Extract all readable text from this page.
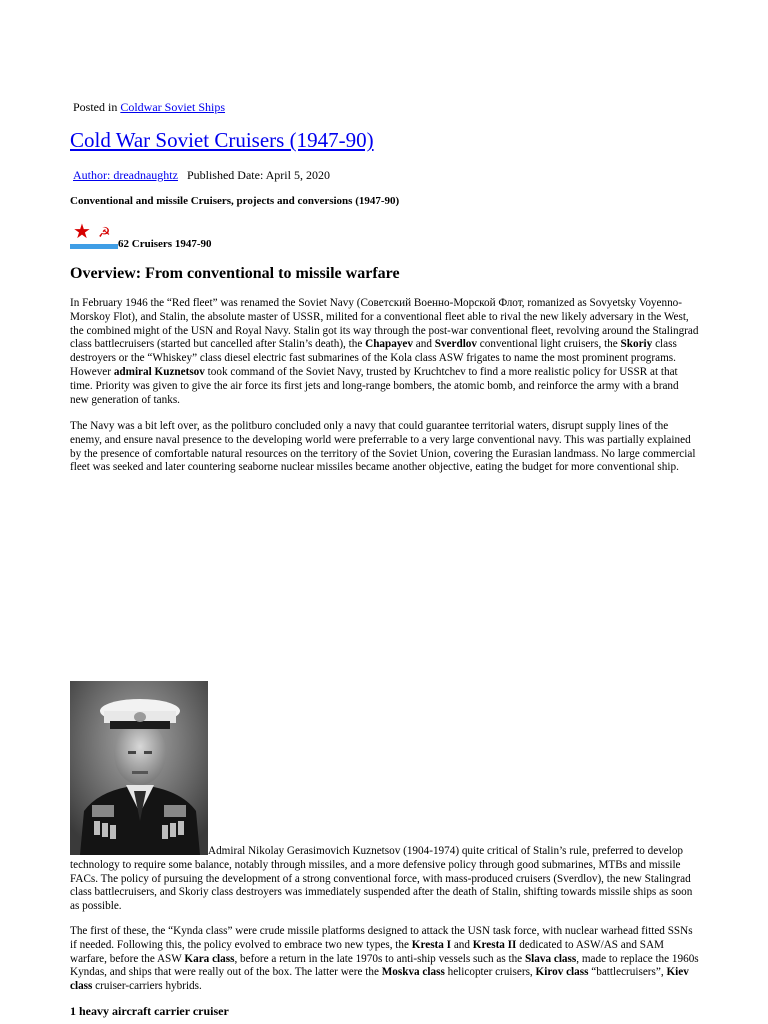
Posted in Coldwar Soviet Ships
Cold War Soviet Cruisers (1947-90)
Author: dreadnaughtz Published Date: April 5, 2020
Conventional and missile Cruisers, projects and conversions (1947-90)
★ ☭
62 Cruisers 1947-90
Overview: From conventional to missile warfare

In February 1946 the “Red fleet” was renamed the Soviet Navy (Советский Военно-Морской Флот, romanized as Sovyetsky Voyenno-Morskoy Flot), and Stalin, the absolute master of USSR, milited for a conventional fleet able to rival the new likely adversary in the West, the combined might of the USN and Royal Navy. Stalin got its way through the post-war conventional fleet, revolving around the Stalingrad class battlecruisers (started but cancelled after Stalin’s death), the Chapayev and Sverdlov conventional light cruisers, the Skoriy class destroyers or the “Whiskey” class diesel electric fast submarines of the Kola class ASW frigates to name the most prominent programs. However admiral Kuznetsov took command of the Soviet Navy, trusted by Kruchtchev to find a more realistic policy for USSR at that time. Priority was given to give the air force its first jets and long-range bombers, the atomic bomb, and reinforce the army with a brand new generation of tanks.

The Navy was a bit left over, as the politburo concluded only a navy that could guarantee territorial waters, disrupt supply lines of the enemy, and ensure naval presence to the developing world were preferrable to a very large conventional navy. This was partially explained by the presence of comfortable natural resources on the territory of the Soviet Union, covering the Eurasian landmass. No large commercial fleet was seeked and later countering seaborne nuclear missiles became another objective, eating the budget for more conventional ship.

Admiral Nikolay Gerasimovich Kuznetsov (1904-1974) quite critical of Stalin’s rule, preferred to develop technology to require some balance, notably through missiles, and a more defensive policy through good submarines, MTBs and missile FACs. The policy of pursuing the development of a strong conventional force, with mass-produced cruisers (Sverdlov), the new Stalingrad class battlecruisers, and Skoriy class destroyers was immediately suspended after the death of Stalin, shifting towards missile ships as soon as possible.

The first of these, the “Kynda class” were crude missile platforms designed to attack the USN task force, with nuclear warhead fitted SSNs if needed. Following this, the policy evolved to embrace two new types, the Kresta I and Kresta II dedicated to ASW/AS and SAM warfare, before the ASW Kara class, before a return in the late 1970s to anti-ship vessels such as the Slava class, made to replace the 1960s Kyndas, and ships that were really out of the box. The latter were the Moskva class helicopter cruisers, Kirov class “battlecruisers”, Kiev class cruiser-carriers hybrids.

1 heavy aircraft carrier cruiser
